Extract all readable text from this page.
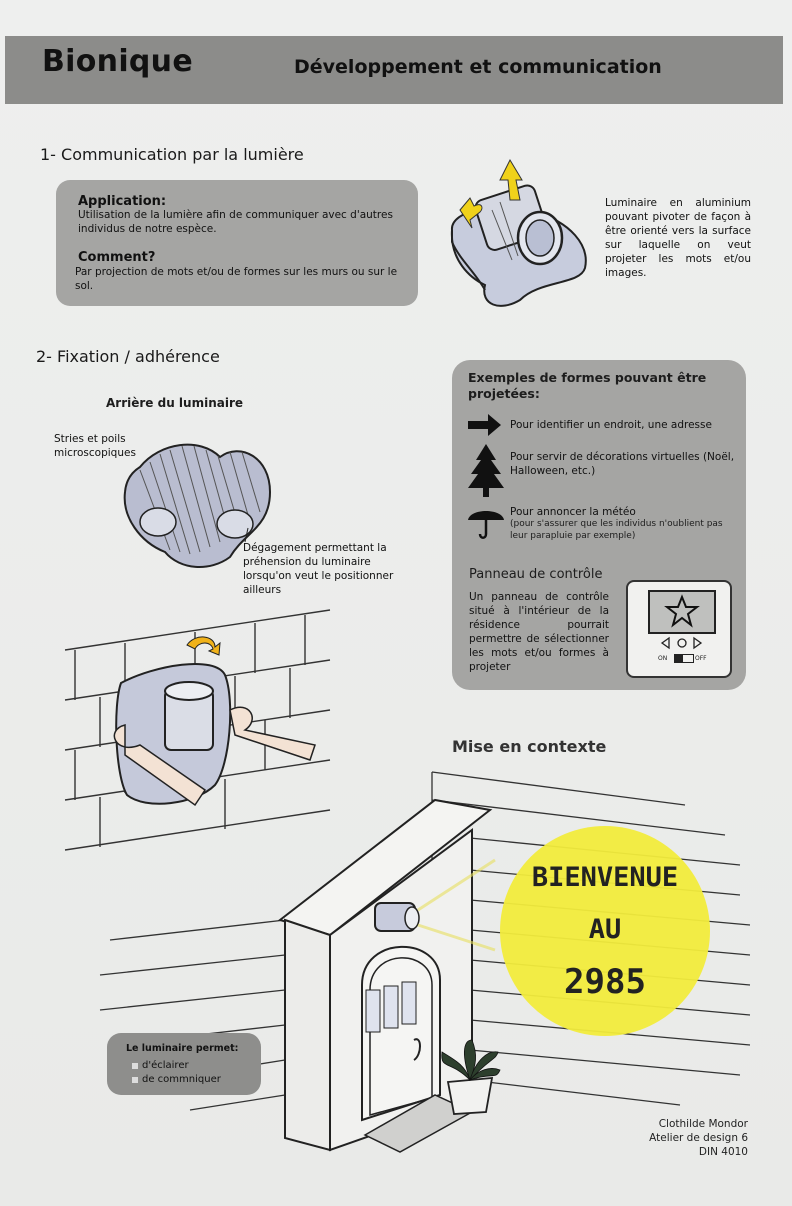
Bionique	Développement et communication
1- Communication par la lumière
Application:
Utilisation de la lumière afin de communiquer avec d'autres individus de notre espèce.
Comment?
Par projection de mots et/ou de formes sur les murs ou sur le sol.
Luminaire en aluminium pouvant pivoter de façon à être orienté vers la surface sur laquelle on veut projeter les mots et/ou images.
2- Fixation / adhérence
Arrière du luminaire
Stries et poils microscopiques
Dégagement permettant la préhension du luminaire lorsqu'on veut le positionner ailleurs
Exemples de formes pouvant être projetées:
Pour identifier un endroit, une adresse
Pour servir de décorations virtuelles (Noël, Halloween, etc.)
Pour annoncer la météo
(pour s'assurer que les individus n'oublient pas leur parapluie par exemple)
Panneau de contrôle
Un panneau de contrôle situé à l'intérieur de la résidence pourrait permettre de sélectionner les mots et/ou formes à projeter
ON	OFF
Mise en contexte
BIENVENUE
AU
2985
Le luminaire permet:
d'éclairer
de commniquer
Clothilde Mondor
Atelier de design 6
DIN 4010
